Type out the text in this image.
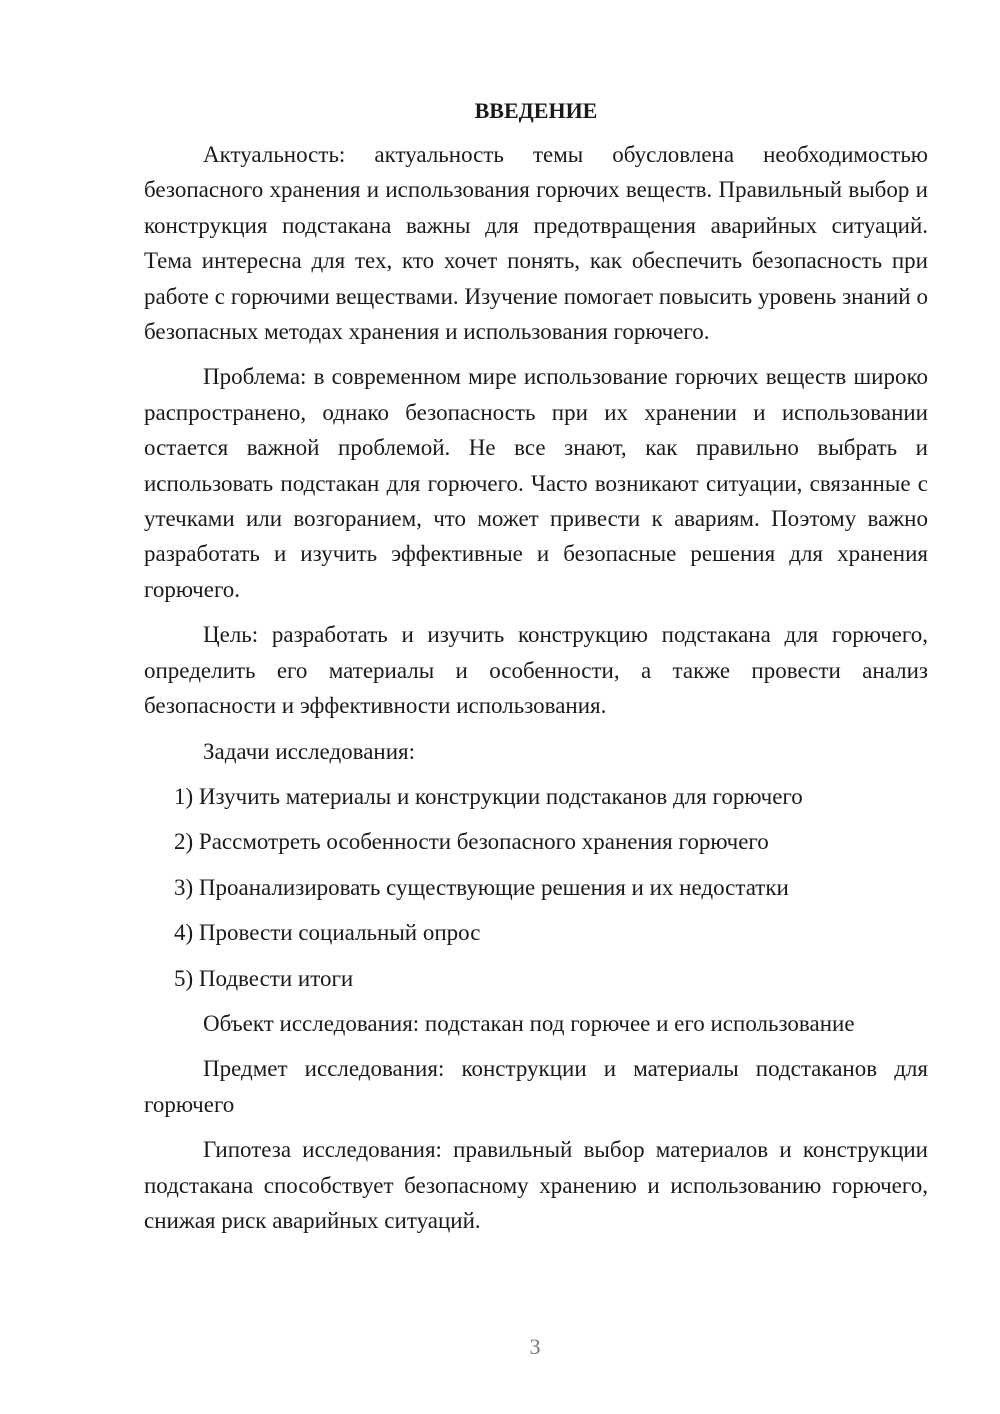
ВВЕДЕНИЕ

Актуальность: актуальность темы обусловлена необходимостью безопасного хранения и использования горючих веществ. Правильный выбор и конструкция подстакана важны для предотвращения аварийных ситуаций. Тема интересна для тех, кто хочет понять, как обеспечить безопасность при работе с горючими веществами. Изучение помогает повысить уровень знаний о безопасных методах хранения и использования горючего.

Проблема: в современном мире использование горючих веществ широко распространено, однако безопасность при их хранении и использовании остается важной проблемой. Не все знают, как правильно выбрать и использовать подстакан для горючего. Часто возникают ситуации, связанные с утечками или возгоранием, что может привести к авариям. Поэтому важно разработать и изучить эффективные и безопасные решения для хранения горючего.

Цель: разработать и изучить конструкцию подстакана для горючего, определить его материалы и особенности, а также провести анализ безопасности и эффективности использования.

Задачи исследования:

1) Изучить материалы и конструкции подстаканов для горючего
2) Рассмотреть особенности безопасного хранения горючего
3) Проанализировать существующие решения и их недостатки
4) Провести социальный опрос
5) Подвести итоги

Объект исследования: подстакан под горючее и его использование

Предмет исследования: конструкции и материалы подстаканов для горючего

Гипотеза исследования: правильный выбор материалов и конструкции подстакана способствует безопасному хранению и использованию горючего, снижая риск аварийных ситуаций.

3
